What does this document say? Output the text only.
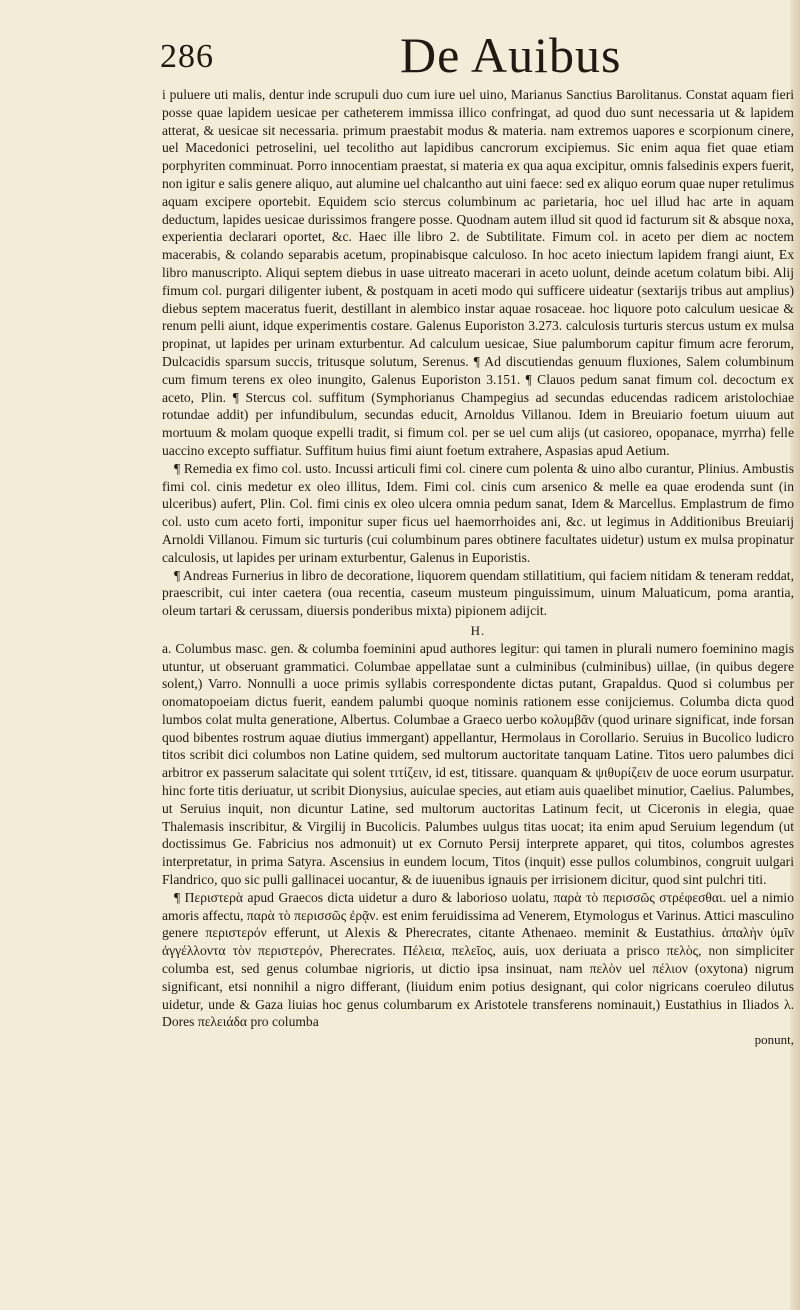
286	De Auibus

i puluere uti malis, dentur inde scrupuli duo cum iure uel uino, Marianus Sanctius Barolitanus. Constat aquam fieri posse quae lapidem uesicae per catheterem immissa illico confringat, ad quod duo sunt necessaria ut & lapidem atterat, & uesicae sit necessaria. primum praestabit modus & materia. nam extremos uapores e scorpionum cinere, uel Macedonici petroselini, uel tecolitho aut lapidibus cancrorum excipiemus. Sic enim aqua fiet quae etiam porphyriten comminuat. Porro innocentiam praestat, si materia ex qua aqua excipitur, omnis falsedinis expers fuerit, non igitur e salis genere aliquo, aut alumine uel chalcantho aut uini faece: sed ex aliquo eorum quae nuper retulimus aquam excipere oportebit. Equidem scio stercus columbinum ac parietaria, hoc uel illud hac arte in aquam deductum, lapides uesicae durissimos frangere posse. Quodnam autem illud sit quod id facturum sit & absque noxa, experientia declarari oportet, &c. Haec ille libro 2. de Subtilitate. Fimum col. in aceto per diem ac noctem macerabis, & colando separabis acetum, propinabisque calculoso. In hoc aceto iniectum lapidem frangi aiunt, Ex libro manuscripto. Aliqui septem diebus in uase uitreato macerari in aceto uolunt, deinde acetum colatum bibi. Alij fimum col. purgari diligenter iubent, & postquam in aceti modo qui sufficere uideatur (sextarijs tribus aut amplius) diebus septem maceratus fuerit, destillant in alembico instar aquae rosaceae. hoc liquore poto calculum uesicae & renum pelli aiunt, idque experimentis costare. Galenus Euporiston 3.273. calculosis turturis stercus ustum ex mulsa propinat, ut lapides per urinam exturbentur. Ad calculum uesicae, Siue palumborum capitur fimum acre ferorum, Dulcacidis sparsum succis, tritusque solutum, Serenus. ¶ Ad discutiendas genuum fluxiones, Salem columbinum cum fimum terens ex oleo inungito, Galenus Euporiston 3.151. ¶ Clauos pedum sanat fimum col. decoctum ex aceto, Plin. ¶ Stercus col. suffitum (Symphorianus Champegius ad secundas educendas radicem aristolochiae rotundae addit) per infundibulum, secundas educit, Arnoldus Villanou. Idem in Breuiario foetum uiuum aut mortuum & molam quoque expelli tradit, si fimum col. per se uel cum alijs (ut casioreo, opopanace, myrrha) felle uaccino excepto suffiatur. Suffitum huius fimi aiunt foetum extrahere, Aspasias apud Aetium.

¶ Remedia ex fimo col. usto. Incussi articuli fimi col. cinere cum polenta & uino albo curantur, Plinius. Ambustis fimi col. cinis medetur ex oleo illitus, Idem. Fimi col. cinis cum arsenico & melle ea quae erodenda sunt (in ulceribus) aufert, Plin. Col. fimi cinis ex oleo ulcera omnia pedum sanat, Idem & Marcellus. Emplastrum de fimo col. usto cum aceto forti, imponitur super ficus uel haemorrhoides ani, &c. ut legimus in Additionibus Breuiarij Arnoldi Villanou. Fimum sic turturis (cui columbinum pares obtinere facultates uidetur) ustum ex mulsa propinatur calculosis, ut lapides per urinam exturbentur, Galenus in Euporistis.

¶ Andreas Furnerius in libro de decoratione, liquorem quendam stillatitium, qui faciem nitidam & teneram reddat, praescribit, cui inter caetera (oua recentia, caseum musteum pinguissimum, uinum Maluaticum, poma arantia, oleum tartari & cerussam, diuersis ponderibus mixta) pipionem adijcit.

H.

a. Columbus masc. gen. & columba foeminini apud authores legitur: qui tamen in plurali numero foeminino magis utuntur, ut obseruant grammatici. Columbae appellatae sunt a culminibus (culminibus) uillae, (in quibus degere solent,) Varro. Nonnulli a uoce primis syllabis correspondente dictas putant, Grapaldus. Quod si columbus per onomatopoeiam dictus fuerit, eandem palumbi quoque nominis rationem esse conijciemus. Columba dicta quod lumbos colat multa generatione, Albertus. Columbae a Graeco uerbo κολυμβᾶν (quod urinare significat, inde forsan quod bibentes rostrum aquae diutius immergant) appellantur, Hermolaus in Corollario. Seruius in Bucolico ludicro titos scribit dici columbos non Latine quidem, sed multorum auctoritate tanquam Latine. Titos uero palumbes dici arbitror ex passerum salacitate qui solent τιτίζειν, id est, titissare. quanquam & ψιθυρίζειν de uoce eorum usurpatur. hinc forte titis deriuatur, ut scribit Dionysius, auiculae species, aut etiam auis quaelibet minutior, Caelius. Palumbes, ut Seruius inquit, non dicuntur Latine, sed multorum auctoritas Latinum fecit, ut Ciceronis in elegia, quae Thalemasis inscribitur, & Virgilij in Bucolicis. Palumbes uulgus titas uocat; ita enim apud Seruium legendum (ut doctissimus Ge. Fabricius nos admonuit) ut ex Cornuto Persij interprete apparet, qui titos, columbos agrestes interpretatur, in prima Satyra. Ascensius in eundem locum, Titos (inquit) esse pullos columbinos, congruit uulgari Flandrico, quo sic pulli gallinacei uocantur, & de iuuenibus ignauis per irrisionem dicitur, quod sint pulchri titi.

¶ Περιστερὰ apud Graecos dicta uidetur a duro & laborioso uolatu, παρὰ τὸ περισσῶς στρέφεσθαι. uel a nimio amoris affectu, παρὰ τὸ περισσῶς ἐρᾷν. est enim feruidissima ad Venerem, Etymologus et Varinus. Attici masculino genere περιστερόν efferunt, ut Alexis & Pherecrates, citante Athenaeo. meminit & Eustathius. ἁπαλὴν ὑμῖν ἀγγέλλοντα τὸν περιστερόν, Pherecrates. Πέλεια, πελεῖος, auis, uox deriuata a prisco πελὸς, non simpliciter columba est, sed genus columbae nigrioris, ut dictio ipsa insinuat, nam πελὸν uel πέλιον (oxytona) nigrum significant, etsi nonnihil a nigro differant, (liuidum enim potius designant, qui color nigricans coeruleo dilutus uidetur, unde & Gaza liuias hoc genus columbarum ex Aristotele transferens nominauit,) Eustathius in Iliados λ. Dores πελειάδα pro columba

ponunt,
